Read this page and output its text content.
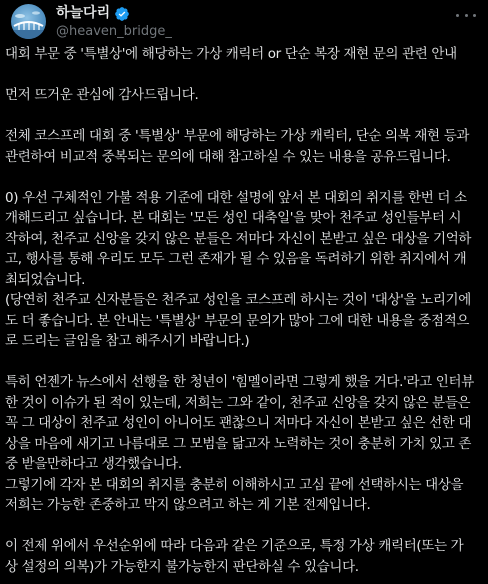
하늘다리
@heaven_bridge_

대회 부문 중 '특별상'에 해당하는 가상 캐릭터 or 단순 복장 재현 문의 관련 안내

먼저 뜨거운 관심에 감사드립니다.

전체 코스프레 대회 중 '특별상' 부문에 해당하는 가상 캐릭터, 단순 의복 재현 등과

관련하여 비교적 중복되는 문의에 대해 참고하실 수 있는 내용을 공유드립니다.

0) 우선 구체적인 가불 적용 기준에 대한 설명에 앞서 본 대회의 취지를 한번 더 소

개해드리고 싶습니다. 본 대회는 '모든 성인 대축일'을 맞아 천주교 성인들부터 시

작하여, 천주교 신앙을 갖지 않은 분들은 저마다 자신이 본받고 싶은 대상을 기억하

고, 행사를 통해 우리도 모두 그런 존재가 될 수 있음을 독려하기 위한 취지에서 개

최되었습니다.

(당연히 천주교 신자분들은 천주교 성인을 코스프레 하시는 것이 '대상'을 노리기에

도 더 좋습니다. 본 안내는 '특별상' 부문의 문의가 많아 그에 대한 내용을 중점적으

로 드리는 글임을 참고 해주시기 바랍니다.)

특히 언젠가 뉴스에서 선행을 한 청년이 '힘멜이라면 그렇게 했을 거다.'라고 인터뷰

한 것이 이슈가 된 적이 있는데, 저희는 그와 같이, 천주교 신앙을 갖지 않은 분들은

꼭 그 대상이 천주교 성인이 아니어도 괜찮으니 저마다 자신이 본받고 싶은 선한 대

상을 마음에 새기고 나름대로 그 모범을 닮고자 노력하는 것이 충분히 가치 있고 존

중 받을만하다고 생각했습니다.

그렇기에 각자 본 대회의 취지를 충분히 이해하시고 고심 끝에 선택하시는 대상을

저희는 가능한 존중하고 막지 않으려고 하는 게 기본 전제입니다.

이 전제 위에서 우선순위에 따라 다음과 같은 기준으로, 특정 가상 캐릭터(또는 가

상 설정의 의복)가 가능한지 불가능한지 판단하실 수 있습니다.
